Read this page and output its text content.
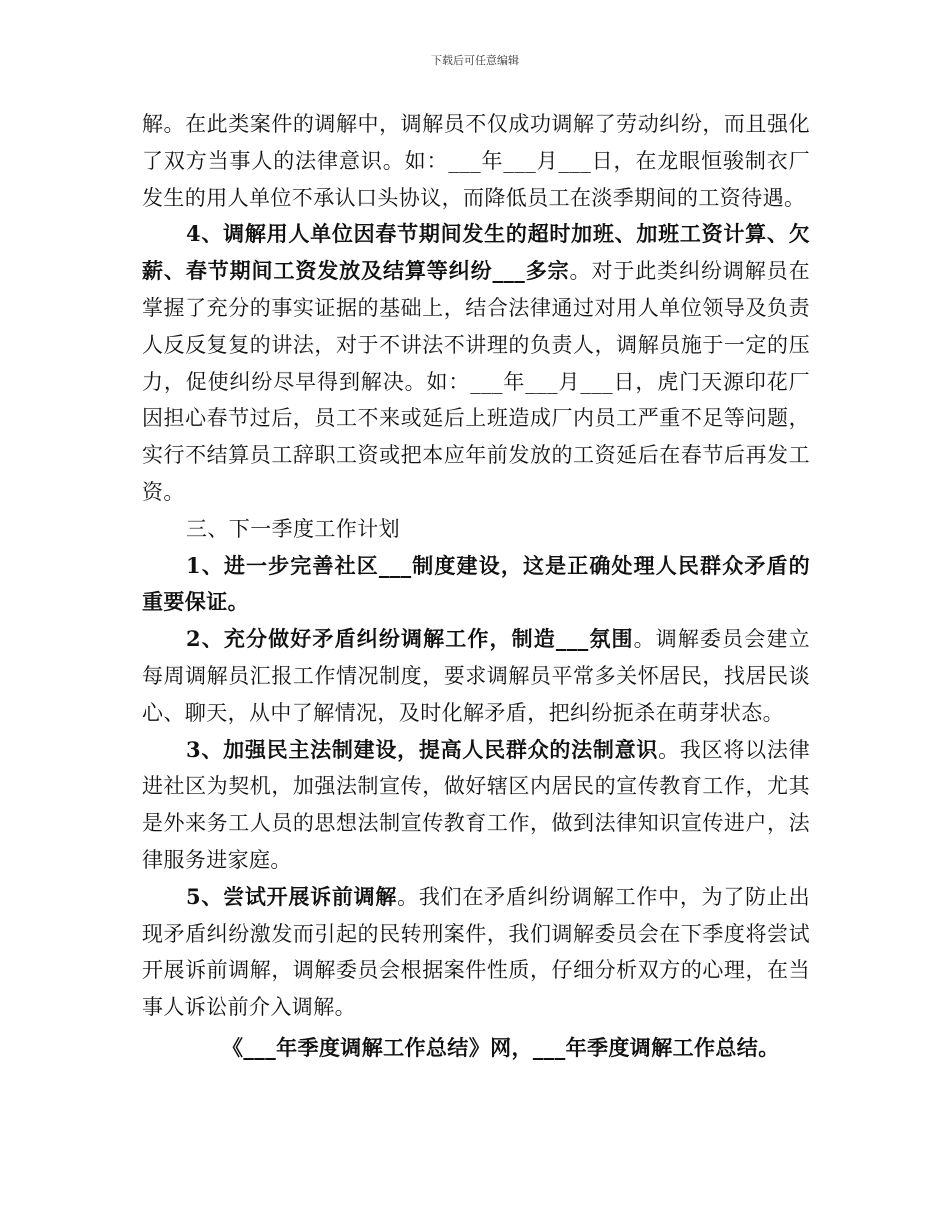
下载后可任意编辑

解。在此类案件的调解中，调解员不仅成功调解了劳动纠纷，而且强化了双方当事人的法律意识。如：___年___月___日，在龙眼恒骏制衣厂发生的用人单位不承认口头协议，而降低员工在淡季期间的工资待遇。

4、调解用人单位因春节期间发生的超时加班、加班工资计算、欠薪、春节期间工资发放及结算等纠纷___多宗。对于此类纠纷调解员在掌握了充分的事实证据的基础上，结合法律通过对用人单位领导及负责人反反复复的讲法，对于不讲法不讲理的负责人，调解员施于一定的压力，促使纠纷尽早得到解决。如：___年___月___日，虎门天源印花厂因担心春节过后，员工不来或延后上班造成厂内员工严重不足等问题，实行不结算员工辞职工资或把本应年前发放的工资延后在春节后再发工资。

三、下一季度工作计划

1、进一步完善社区___制度建设，这是正确处理人民群众矛盾的重要保证。

2、充分做好矛盾纠纷调解工作，制造___氛围。调解委员会建立每周调解员汇报工作情况制度，要求调解员平常多关怀居民，找居民谈心、聊天，从中了解情况，及时化解矛盾，把纠纷扼杀在萌芽状态。

3、加强民主法制建设，提高人民群众的法制意识。我区将以法律进社区为契机，加强法制宣传，做好辖区内居民的宣传教育工作，尤其是外来务工人员的思想法制宣传教育工作，做到法律知识宣传进户，法律服务进家庭。

5、尝试开展诉前调解。我们在矛盾纠纷调解工作中，为了防止出现矛盾纠纷激发而引起的民转刑案件，我们调解委员会在下季度将尝试开展诉前调解，调解委员会根据案件性质，仔细分析双方的心理，在当事人诉讼前介入调解。

《___年季度调解工作总结》网，___年季度调解工作总结。
